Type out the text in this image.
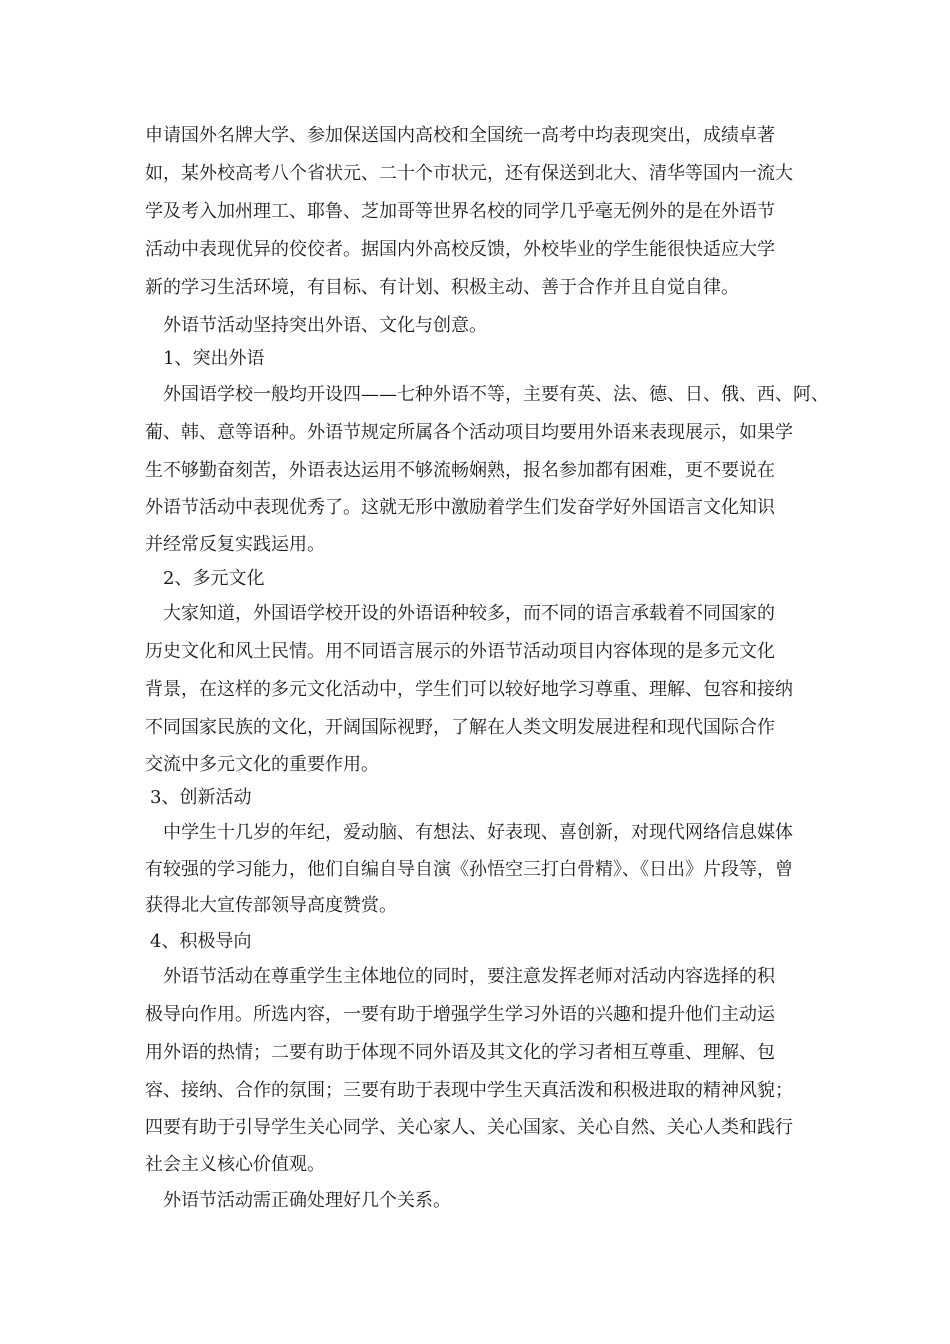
申请国外名牌大学、参加保送国内高校和全国统一高考中均表现突出，成绩卓著
如，某外校高考八个省状元、二十个市状元，还有保送到北大、清华等国内一流大
学及考入加州理工、耶鲁、芝加哥等世界名校的同学几乎毫无例外的是在外语节
活动中表现优异的佼佼者。据国内外高校反馈，外校毕业的学生能很快适应大学
新的学习生活环境，有目标、有计划、积极主动、善于合作并且自觉自律。
外语节活动坚持突出外语、文化与创意。
1、突出外语
外国语学校一般均开设四——七种外语不等，主要有英、法、德、日、俄、西、阿、
葡、韩、意等语种。外语节规定所属各个活动项目均要用外语来表现展示，如果学
生不够勤奋刻苦，外语表达运用不够流畅娴熟，报名参加都有困难，更不要说在
外语节活动中表现优秀了。这就无形中激励着学生们发奋学好外国语言文化知识
并经常反复实践运用。
2、多元文化
大家知道，外国语学校开设的外语语种较多，而不同的语言承载着不同国家的
历史文化和风土民情。用不同语言展示的外语节活动项目内容体现的是多元文化
背景，在这样的多元文化活动中，学生们可以较好地学习尊重、理解、包容和接纳
不同国家民族的文化，开阔国际视野，了解在人类文明发展进程和现代国际合作
交流中多元文化的重要作用。
3、创新活动
中学生十几岁的年纪，爱动脑、有想法、好表现、喜创新，对现代网络信息媒体
有较强的学习能力，他们自编自导自演《孙悟空三打白骨精》、《日出》片段等，曾
获得北大宣传部领导高度赞赏。
4、积极导向
外语节活动在尊重学生主体地位的同时，要注意发挥老师对活动内容选择的积
极导向作用。所选内容，一要有助于增强学生学习外语的兴趣和提升他们主动运
用外语的热情；二要有助于体现不同外语及其文化的学习者相互尊重、理解、包
容、接纳、合作的氛围；三要有助于表现中学生天真活泼和积极进取的精神风貌；
四要有助于引导学生关心同学、关心家人、关心国家、关心自然、关心人类和践行
社会主义核心价值观。
外语节活动需正确处理好几个关系。
